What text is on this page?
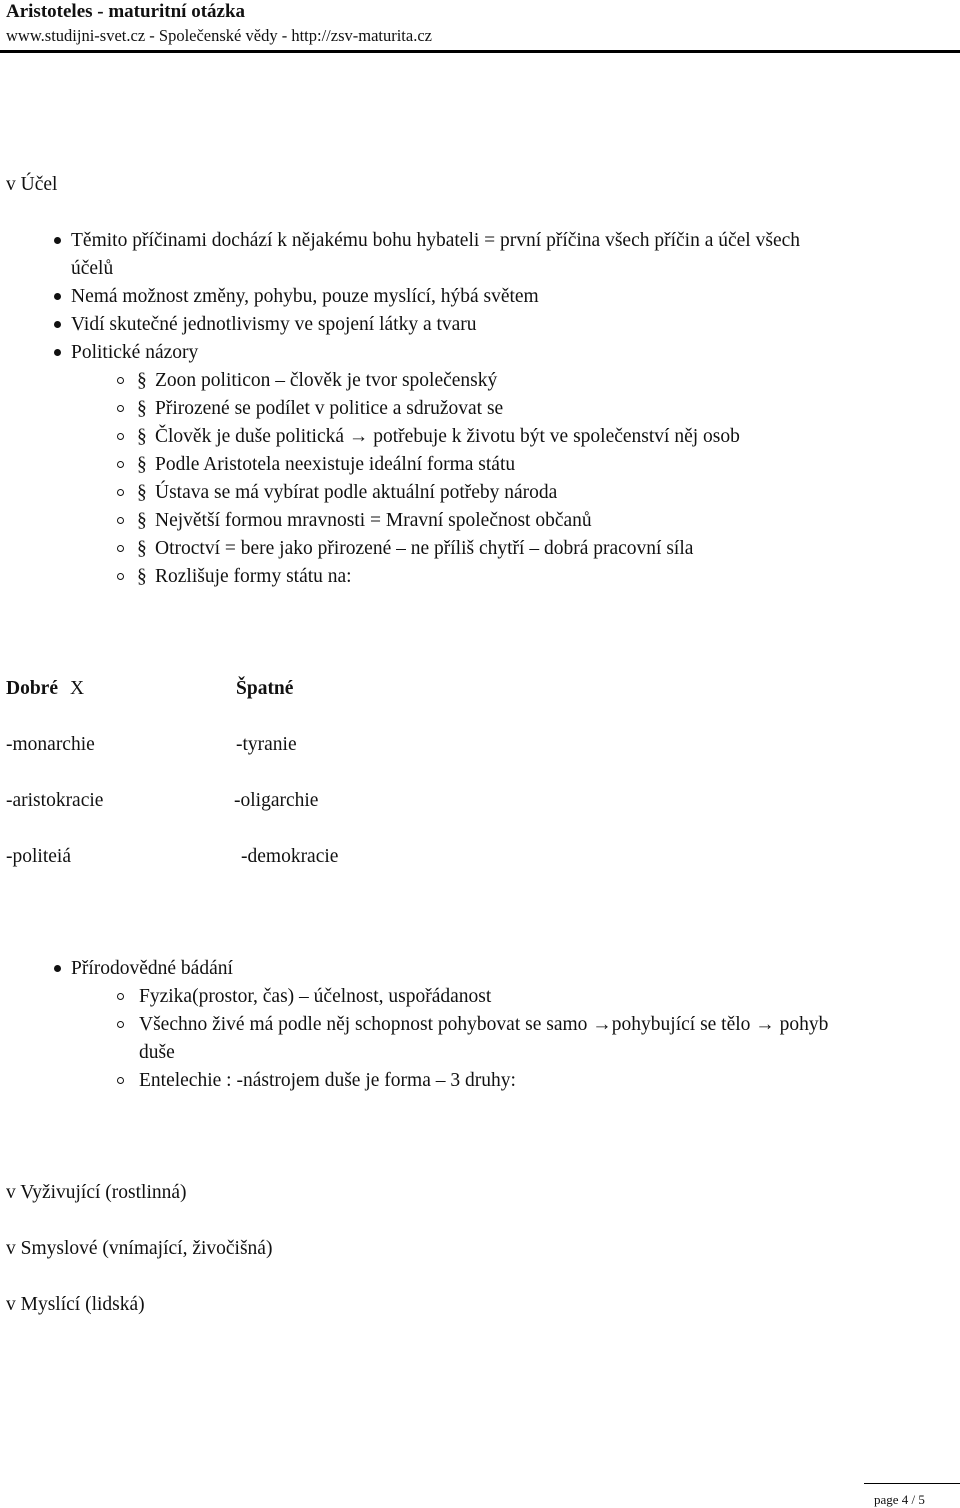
Aristoteles - maturitní otázka
www.studijni-svet.cz - Společenské vědy - http://zsv-maturita.cz
v Účel
Těmito příčinami dochází k nějakému bohu hybateli = první příčina všech příčin a účel všech
účelů
Nemá možnost změny, pohybu, pouze myslící, hýbá světem
Vidí skutečné jednotlivismy ve spojení látky a tvaru
Politické názory
§ Zoon politicon – člověk je tvor společenský
§ Přirozené se podílet v politice a sdružovat se
§ Člověk je duše politická → potřebuje k životu být ve společenství něj osob
§ Podle Aristotela neexistuje ideální forma státu
§ Ústava se má vybírat podle aktuální potřeby národa
§ Největší formou mravnosti = Mravní společnost občanů
§ Otroctví = bere jako přirozené – ne příliš chytří – dobrá pracovní síla
§ Rozlišuje formy státu na:
Dobré X	Špatné
-monarchie	-tyranie
-aristokracie	-oligarchie
-politeiá	-demokracie
Přírodovědné bádání
Fyzika(prostor, čas) – účelnost, uspořádanost
Všechno živé má podle něj schopnost pohybovat se samo →pohybující se tělo → pohyb
duše
Entelechie : -nástrojem duše je forma – 3 druhy:
v Vyživující (rostlinná)
v Smyslové (vnímající, živočišná)
v Myslící (lidská)
page 4 / 5
